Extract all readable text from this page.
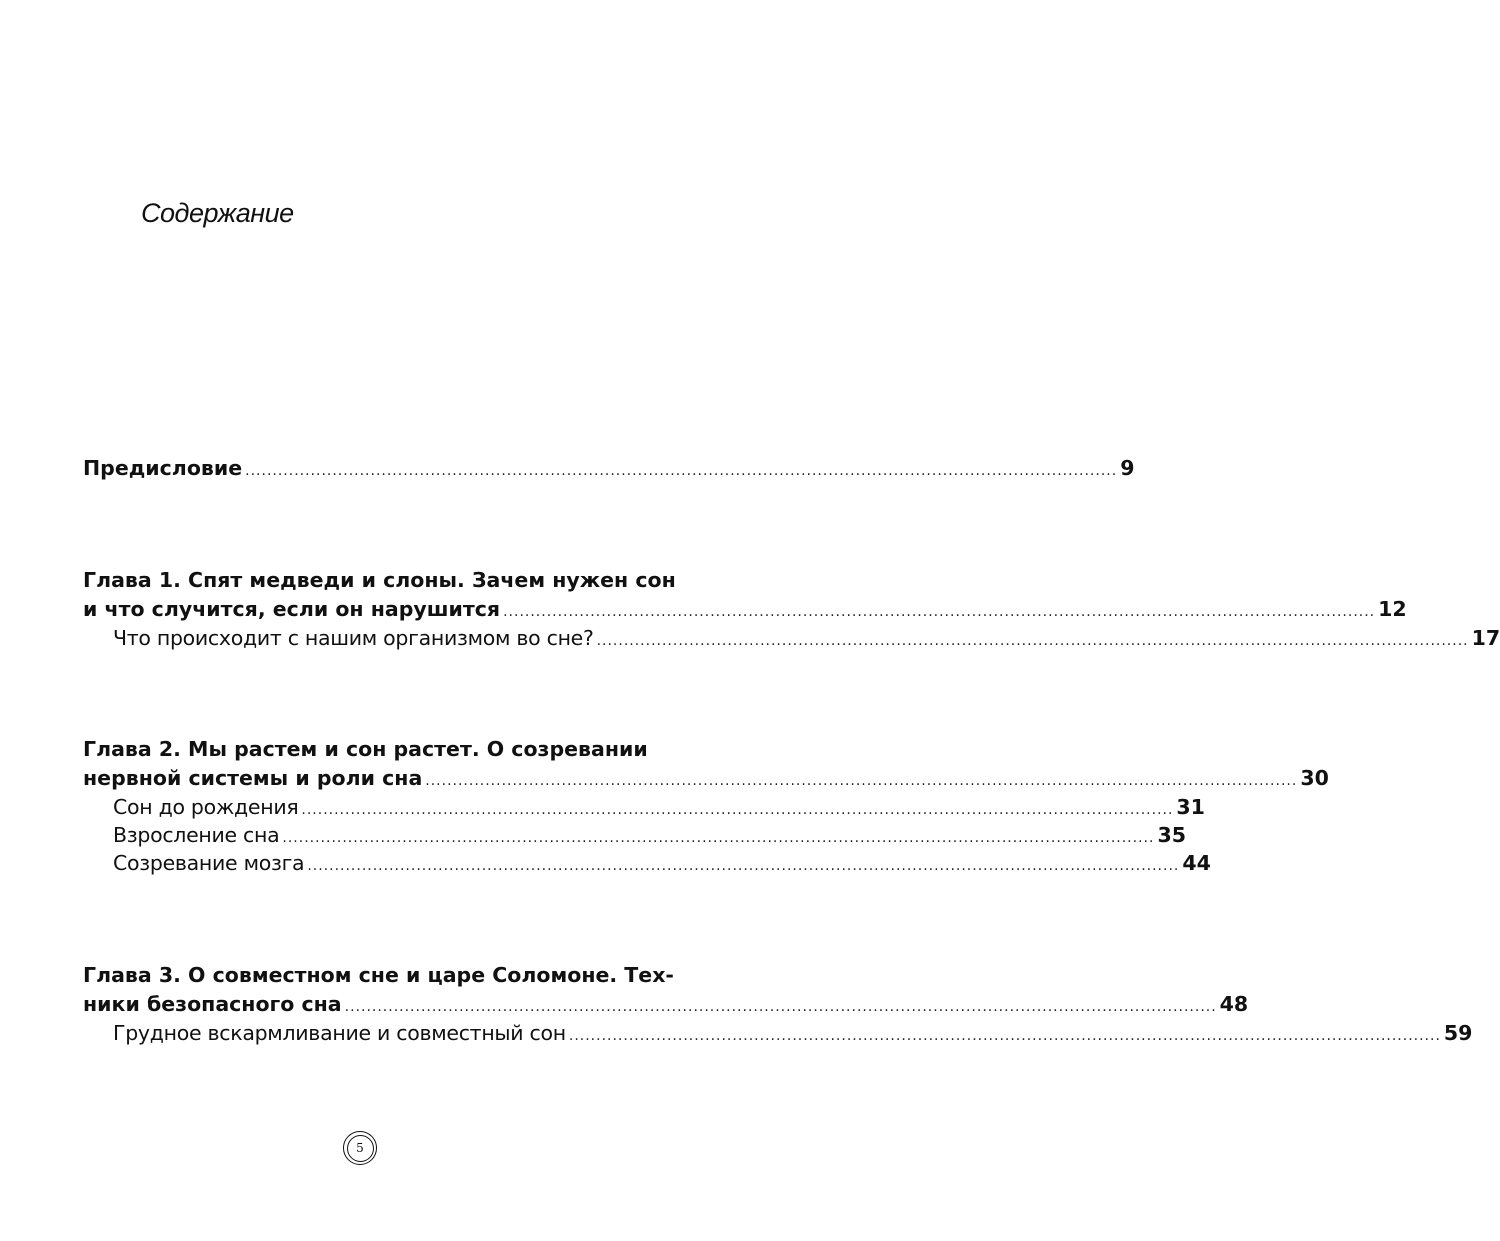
Содержание
Предисловие ................................................................................................................................................................ 9
Глава 1. Спят медведи и слоны. Зачем нужен сон
и что случится, если он нарушится ................................................................................................................................................................ 12
Что происходит с нашим организмом во сне? ................................................................................................................................................................ 17
Глава 2. Мы растем и сон растет. О созревании
нервной системы и роли сна ................................................................................................................................................................ 30
Сон до рождения ................................................................................................................................................................ 31
Взросление сна ................................................................................................................................................................ 35
Созревание мозга ................................................................................................................................................................ 44
Глава 3. О совместном сне и царе Соломоне. Тех-
ники безопасного сна ................................................................................................................................................................ 48
Грудное вскармливание и совместный сон ................................................................................................................................................................ 59
5
